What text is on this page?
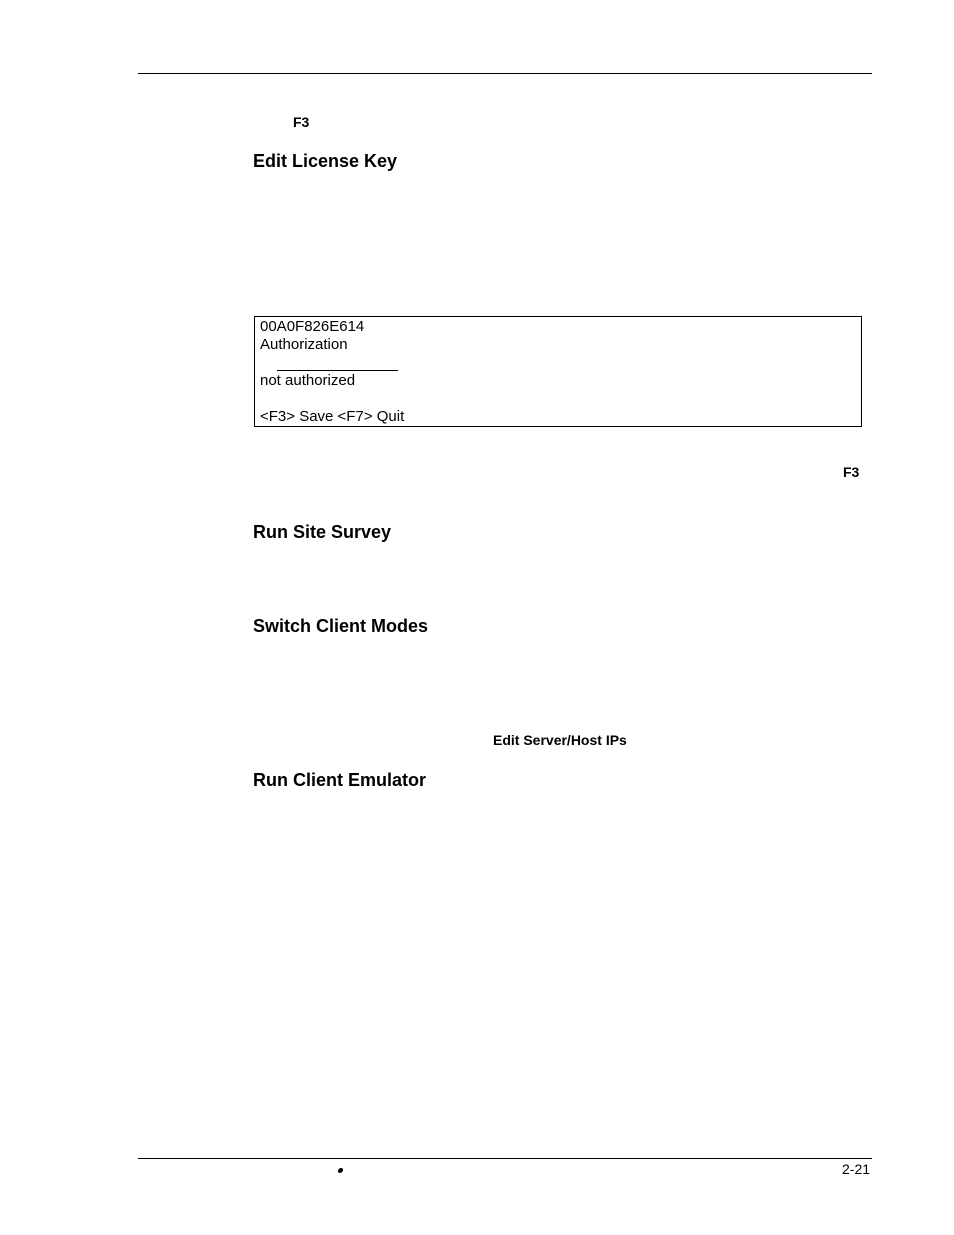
F3
Edit License Key
00A0F826E614
Authorization
not authorized
<F3> Save <F7> Quit
F3
Run Site Survey
Switch Client Modes
Edit Server/Host IPs
Run Client Emulator
2-21
